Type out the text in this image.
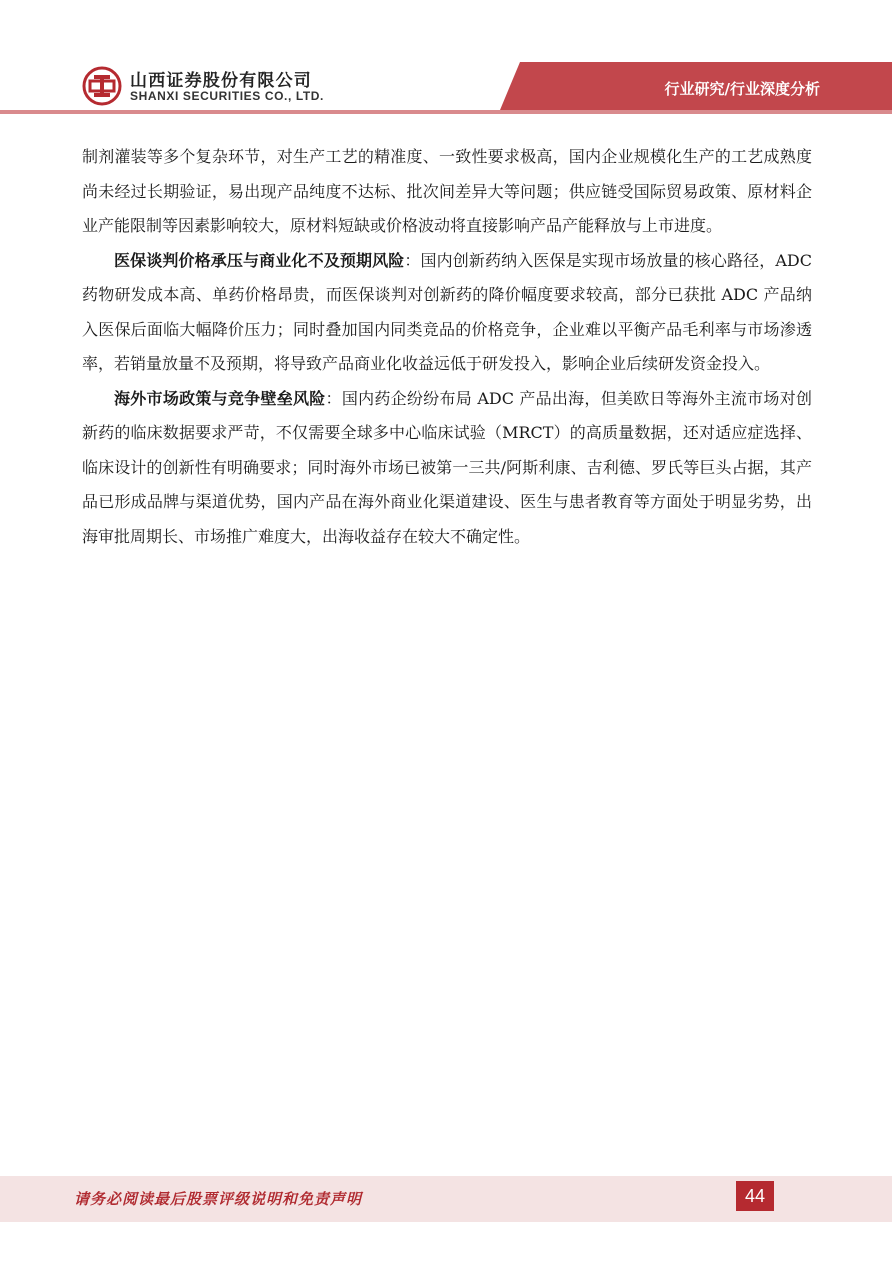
山西证券股份有限公司
SHANXI SECURITIES CO., LTD.	行业研究/行业深度分析

制剂灌装等多个复杂环节，对生产工艺的精准度、一致性要求极高，国内企业规模化生产的工艺成熟度尚未经过长期验证，易出现产品纯度不达标、批次间差异大等问题；供应链受国际贸易政策、原材料企业产能限制等因素影响较大，原材料短缺或价格波动将直接影响产品产能释放与上市进度。

医保谈判价格承压与商业化不及预期风险：国内创新药纳入医保是实现市场放量的核心路径，ADC 药物研发成本高、单药价格昂贵，而医保谈判对创新药的降价幅度要求较高，部分已获批 ADC 产品纳入医保后面临大幅降价压力；同时叠加国内同类竞品的价格竞争，企业难以平衡产品毛利率与市场渗透率，若销量放量不及预期，将导致产品商业化收益远低于研发投入，影响企业后续研发资金投入。

海外市场政策与竞争壁垒风险：国内药企纷纷布局 ADC 产品出海，但美欧日等海外主流市场对创新药的临床数据要求严苛，不仅需要全球多中心临床试验（MRCT）的高质量数据，还对适应症选择、临床设计的创新性有明确要求；同时海外市场已被第一三共/阿斯利康、吉利德、罗氏等巨头占据，其产品已形成品牌与渠道优势，国内产品在海外商业化渠道建设、医生与患者教育等方面处于明显劣势，出海审批周期长、市场推广难度大，出海收益存在较大不确定性。

请务必阅读最后股票评级说明和免责声明	44
